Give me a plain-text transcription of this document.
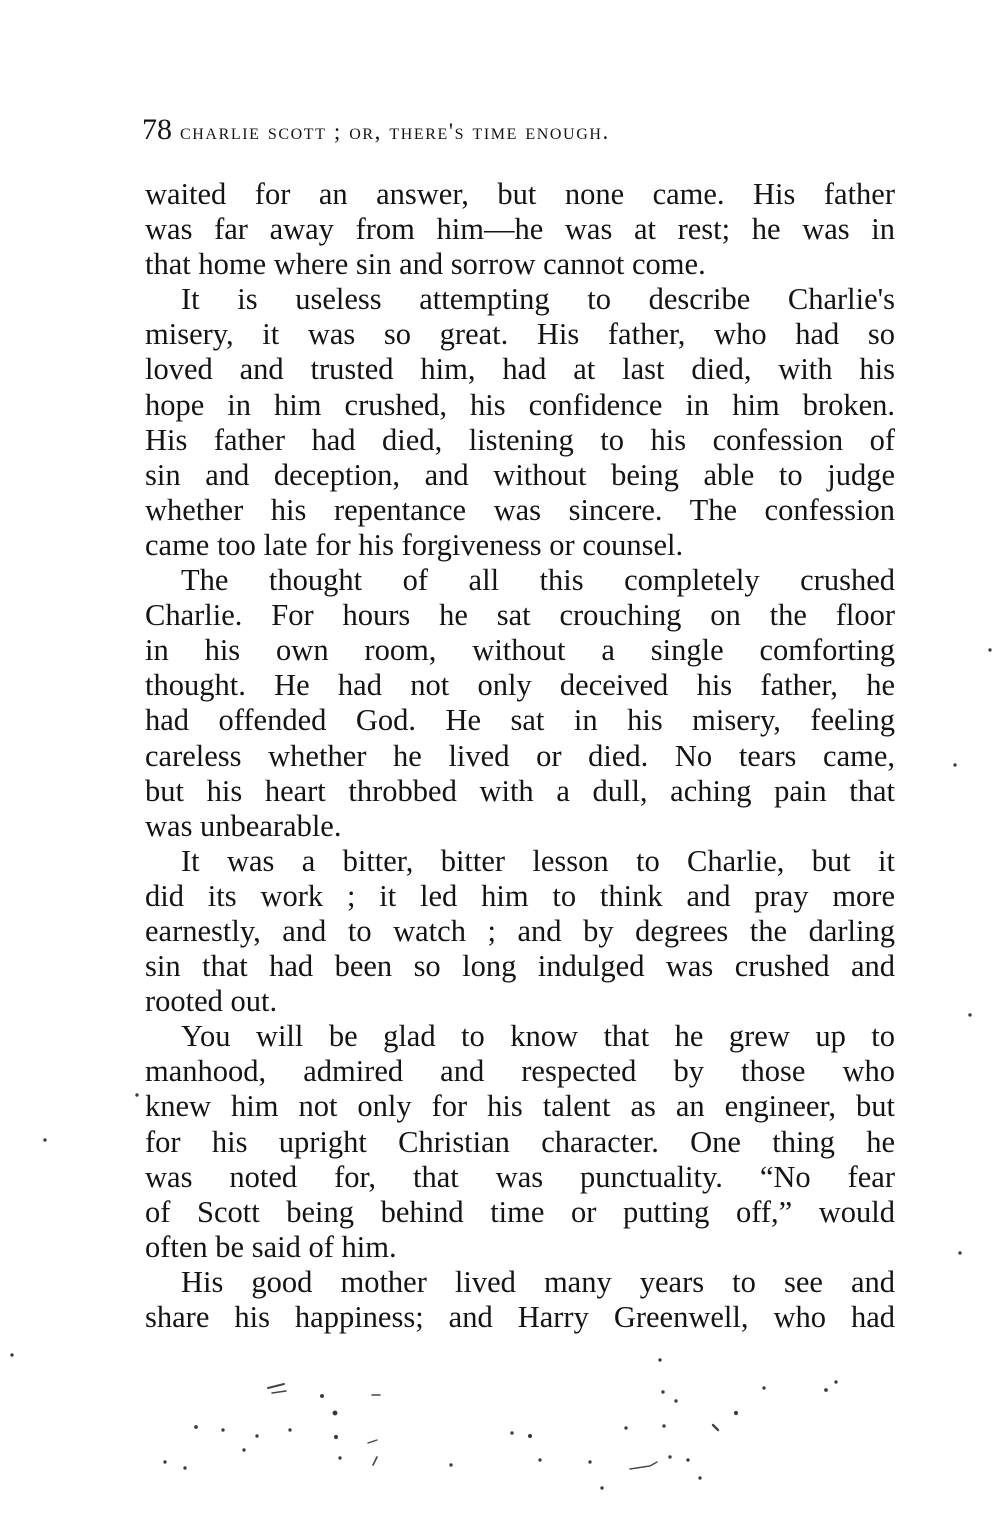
78 charlie scott ; or, there's time enough.
waited for an answer, but none came. His father
was far away from him—he was at rest; he was in
that home where sin and sorrow cannot come.
It is useless attempting to describe Charlie's
misery, it was so great. His father, who had so
loved and trusted him, had at last died, with his
hope in him crushed, his confidence in him broken.
His father had died, listening to his confession of
sin and deception, and without being able to judge
whether his repentance was sincere. The confession
came too late for his forgiveness or counsel.
The thought of all this completely crushed
Charlie. For hours he sat crouching on the floor
in his own room, without a single comforting
thought. He had not only deceived his father, he
had offended God. He sat in his misery, feeling
careless whether he lived or died. No tears came,
but his heart throbbed with a dull, aching pain that
was unbearable.
It was a bitter, bitter lesson to Charlie, but it
did its work ; it led him to think and pray more
earnestly, and to watch ; and by degrees the darling
sin that had been so long indulged was crushed and
rooted out.
You will be glad to know that he grew up to
manhood, admired and respected by those who
knew him not only for his talent as an engineer, but
for his upright Christian character. One thing he
was noted for, that was punctuality. “No fear
of Scott being behind time or putting off,” would
often be said of him.
His good mother lived many years to see and
share his happiness; and Harry Greenwell, who had
